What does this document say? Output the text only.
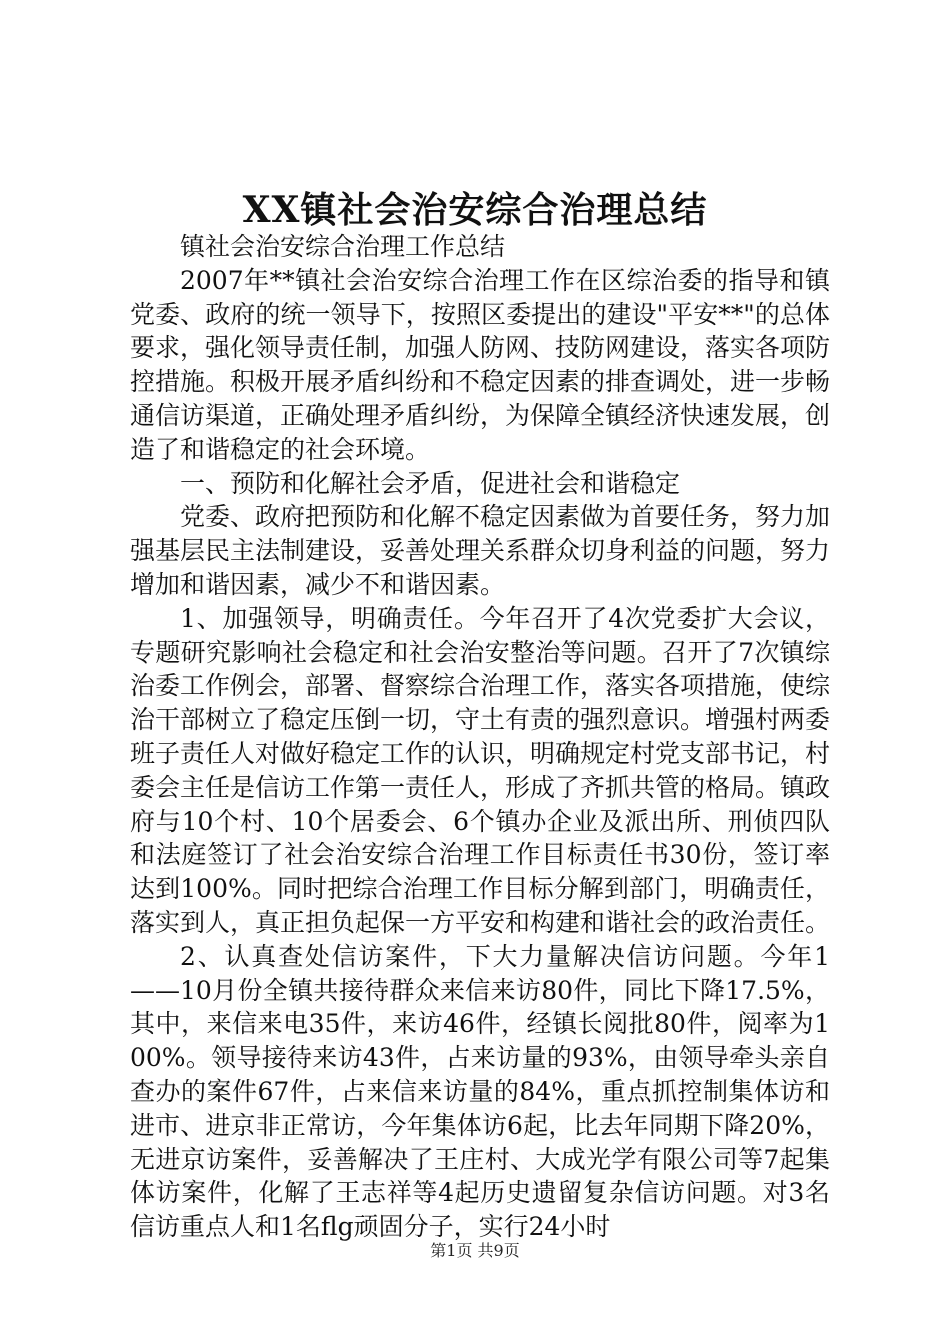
XX镇社会治安综合治理总结

镇社会治安综合治理工作总结

2007年**镇社会治安综合治理工作在区综治委的指导和镇党委、政府的统一领导下，按照区委提出的建设"平安**"的总体要求，强化领导责任制，加强人防网、技防网建设，落实各项防控措施。积极开展矛盾纠纷和不稳定因素的排查调处，进一步畅通信访渠道，正确处理矛盾纠纷，为保障全镇经济快速发展，创造了和谐稳定的社会环境。

一、预防和化解社会矛盾，促进社会和谐稳定

党委、政府把预防和化解不稳定因素做为首要任务，努力加强基层民主法制建设，妥善处理关系群众切身利益的问题，努力增加和谐因素，减少不和谐因素。

1、加强领导，明确责任。今年召开了4次党委扩大会议，专题研究影响社会稳定和社会治安整治等问题。召开了7次镇综治委工作例会，部署、督察综合治理工作，落实各项措施，使综治干部树立了稳定压倒一切，守土有责的强烈意识。增强村两委班子责任人对做好稳定工作的认识，明确规定村党支部书记，村委会主任是信访工作第一责任人，形成了齐抓共管的格局。镇政府与10个村、10个居委会、6个镇办企业及派出所、刑侦四队和法庭签订了社会治安综合治理工作目标责任书30份，签订率达到100%。同时把综合治理工作目标分解到部门，明确责任，落实到人，真正担负起保一方平安和构建和谐社会的政治责任。

2、认真查处信访案件，下大力量解决信访问题。今年1——10月份全镇共接待群众来信来访80件，同比下降17.5%，其中，来信来电35件，来访46件，经镇长阅批80件，阅率为100%。领导接待来访43件，占来访量的93%，由领导牵头亲自查办的案件67件，占来信来访量的84%，重点抓控制集体访和进市、进京非正常访，今年集体访6起，比去年同期下降20%，无进京访案件，妥善解决了王庄村、大成光学有限公司等7起集体访案件，化解了王志祥等4起历史遗留复杂信访问题。对3名信访重点人和1名flg顽固分子，实行24小时

第1页 共9页
